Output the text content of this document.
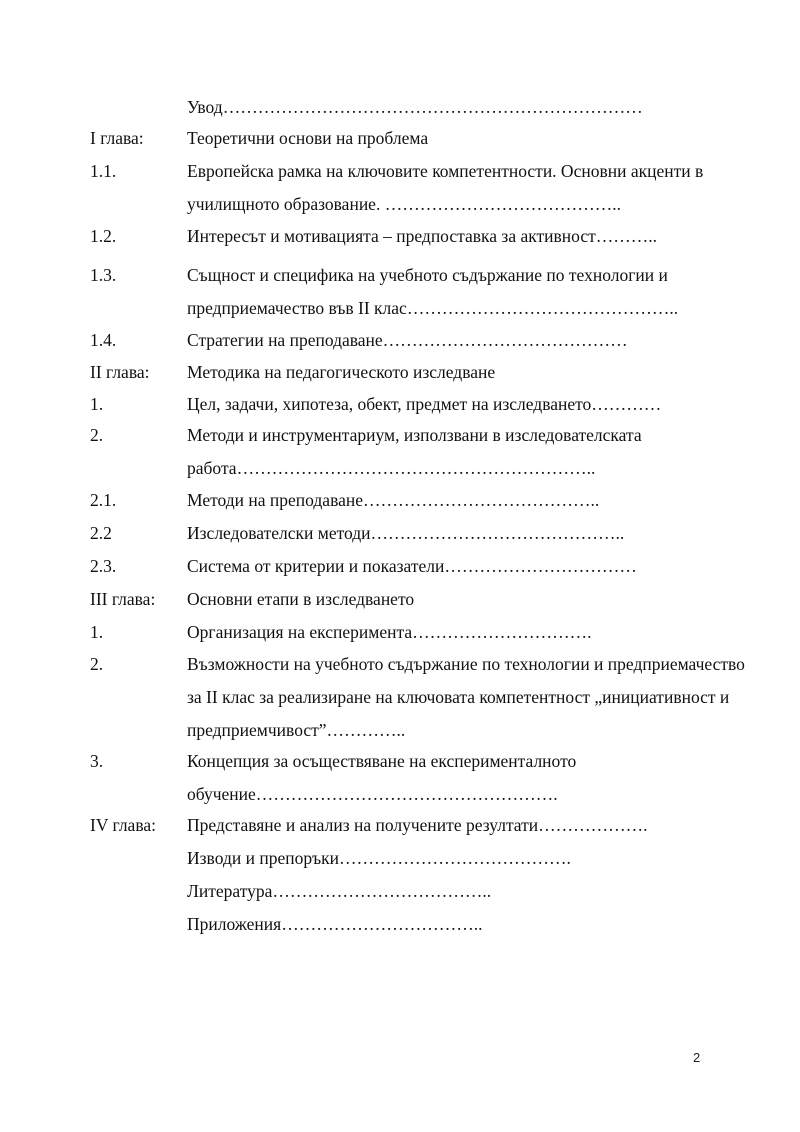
Увод………………………………………………………………
I глава:	Теоретични основи на проблема
1.1.	Европейска рамка на ключовите компетентности. Основни акценти в училищното образование. …………………………………..
1.2.	Интересът и мотивацията – предпоставка за активност………..
1.3.	Същност и специфика на учебното съдържание по технологии и предприемачество във II клас………………………………………..
1.4.	Стратегии на преподаване……………………………………
II глава:	Методика на педагогическото изследване
1.	Цел, задачи, хипотеза, обект, предмет на изследването…………
2.	Методи и инструментариум, използвани в изследователската работа……………………………………………………..
2.1.	Методи на преподаване…………………………………..
2.2	Изследователски методи……………………………………..
2.3.	Система от критерии и показатели……………………………
III глава:	Основни етапи в изследването
1.	Организация на експеримента………………………….
2.	Възможности на учебното съдържание по технологии и предприемачество за II клас за реализиране на ключовата компетентност „инициативност и предприемчивост”…………..
3.	Концепция за осъществяване на експерименталното обучение…………………………………………….
IV глава:	Представяне и анализ на получените резултати……………….
Изводи и препоръки………………………………….
Литература………………………………..
Приложения……………………………..
2
